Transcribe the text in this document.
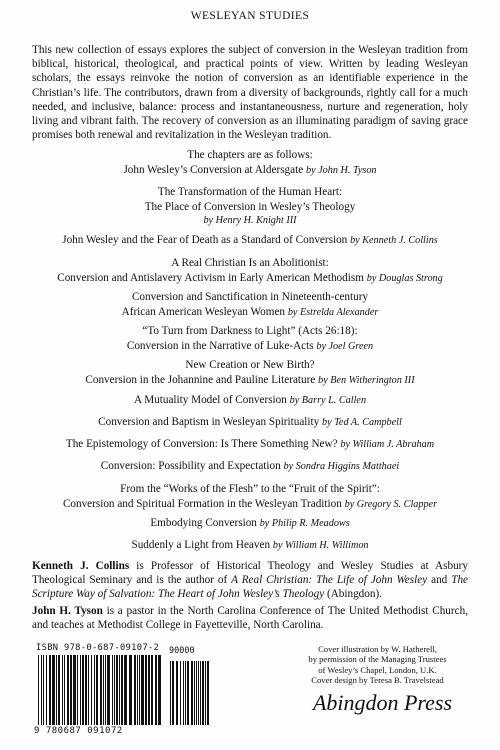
WESLEYAN STUDIES

This new collection of essays explores the subject of conversion in the Wesleyan tradition from biblical, historical, theological, and practical points of view. Written by leading Wesleyan scholars, the essays reinvoke the notion of conversion as an identifiable experience in the Christian’s life. The contributors, drawn from a diversity of backgrounds, rightly call for a much needed, and inclusive, balance: process and instantaneousness, nurture and regeneration, holy living and vibrant faith. The recovery of conversion as an illuminating paradigm of saving grace promises both renewal and revitalization in the Wesleyan tradition.

The chapters are as follows:
John Wesley’s Conversion at Aldersgate by John H. Tyson
The Transformation of the Human Heart:
The Place of Conversion in Wesley’s Theology
by Henry H. Knight III
John Wesley and the Fear of Death as a Standard of Conversion by Kenneth J. Collins
A Real Christian Is an Abolitionist:
Conversion and Antislavery Activism in Early American Methodism by Douglas Strong
Conversion and Sanctification in Nineteenth-century
African American Wesleyan Women by Estrelda Alexander
“To Turn from Darkness to Light” (Acts 26:18):
Conversion in the Narrative of Luke-Acts by Joel Green
New Creation or New Birth?
Conversion in the Johannine and Pauline Literature by Ben Witherington III
A Mutuality Model of Conversion by Barry L. Callen
Conversion and Baptism in Wesleyan Spirituality by Ted A. Campbell
The Epistemology of Conversion: Is There Something New? by William J. Abraham
Conversion: Possibility and Expectation by Sondra Higgins Matthaei
From the “Works of the Flesh” to the “Fruit of the Spirit”:
Conversion and Spiritual Formation in the Wesleyan Tradition by Gregory S. Clapper
Embodying Conversion by Philip R. Meadows
Suddenly a Light from Heaven by William H. Willimon

Kenneth J. Collins is Professor of Historical Theology and Wesley Studies at Asbury Theological Seminary and is the author of A Real Christian: The Life of John Wesley and The Scripture Way of Salvation: The Heart of John Wesley’s Theology (Abingdon).

John H. Tyson is a pastor in the North Carolina Conference of The United Methodist Church, and teaches at Methodist College in Fayetteville, North Carolina.

ISBN 978-0-687-09107-2 90000
9 780687 091072
Cover illustration by W. Hatherell,
by permission of the Managing Trustees
of Wesley’s Chapel, London, U.K.
Cover design by Teresa B. Travelstead
Abingdon Press
